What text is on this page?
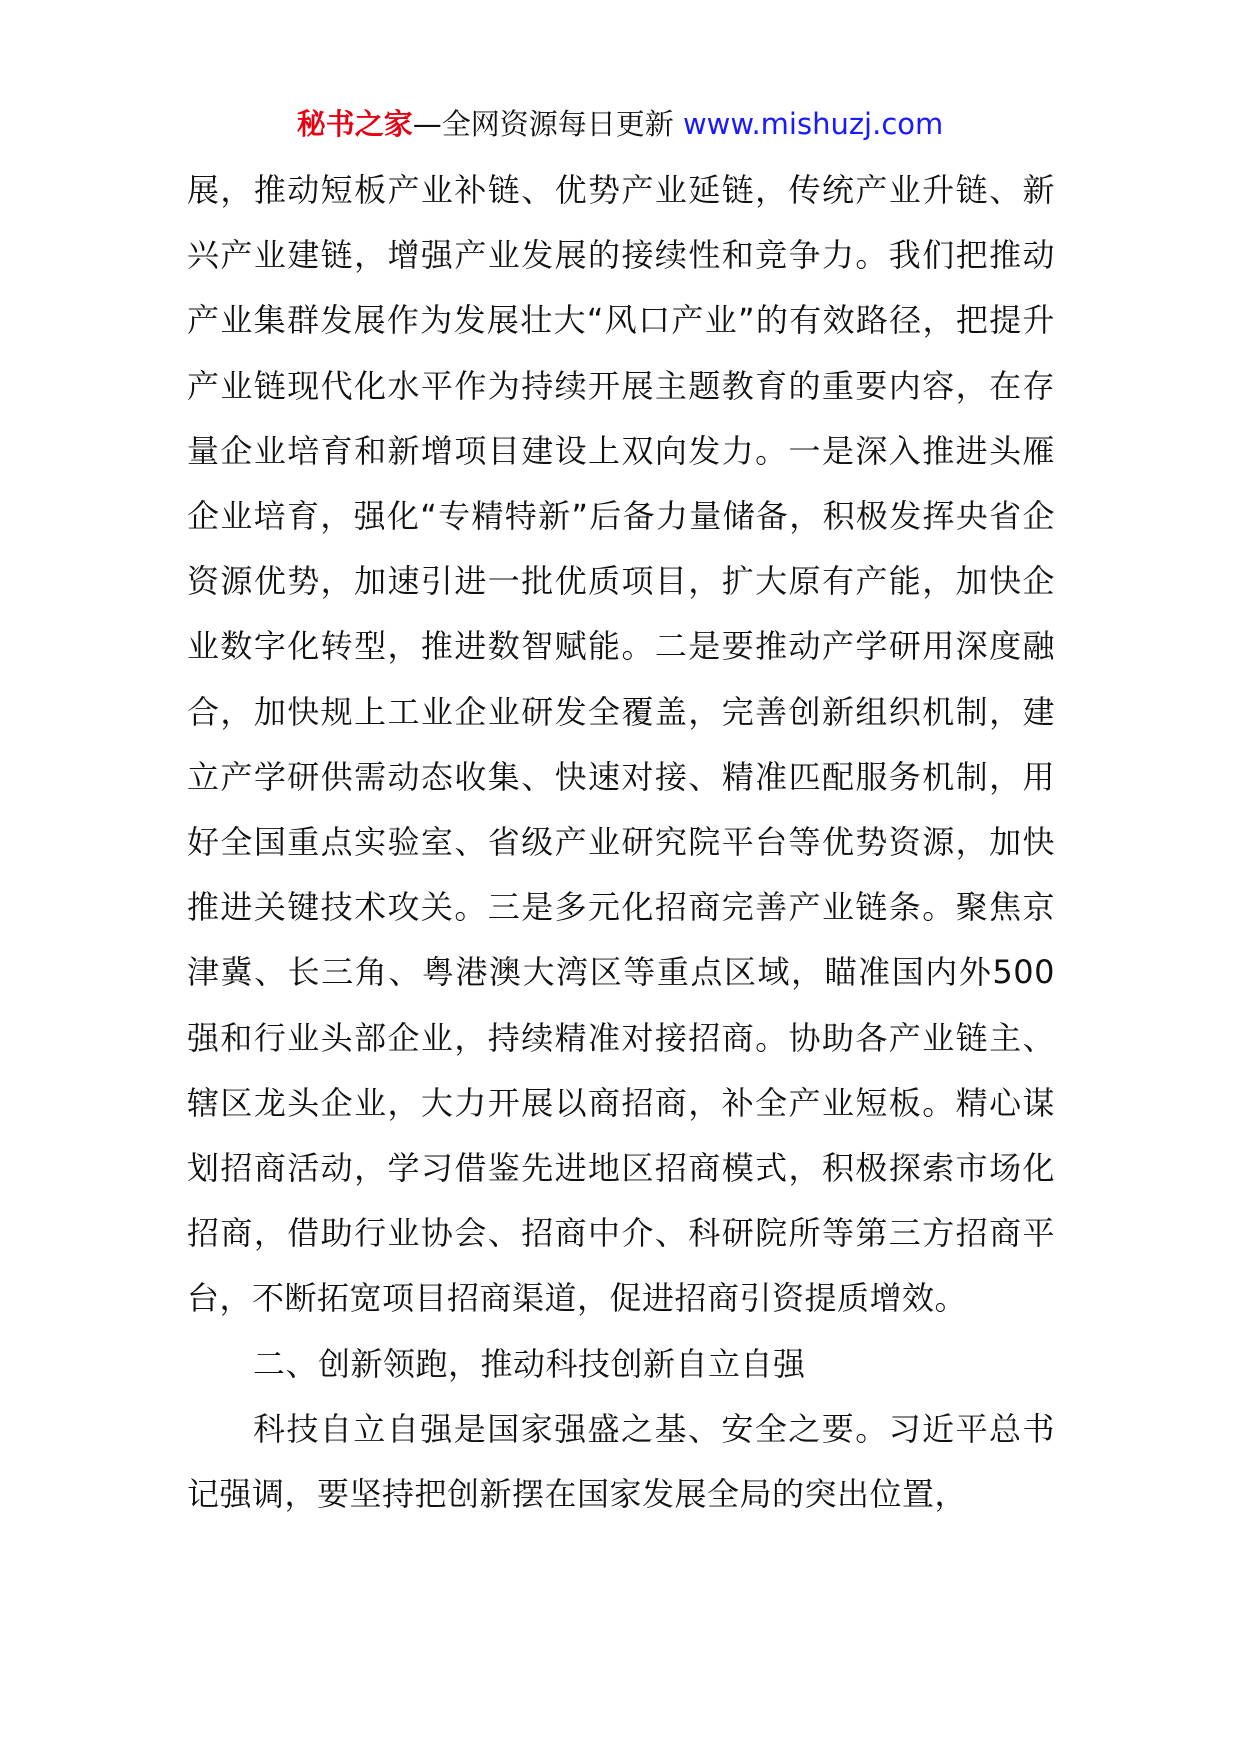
秘书之家—全网资源每日更新 www.mishuzj.com

展，推动短板产业补链、优势产业延链，传统产业升链、新兴产业建链，增强产业发展的接续性和竞争力。我们把推动产业集群发展作为发展壮大“风口产业”的有效路径，把提升产业链现代化水平作为持续开展主题教育的重要内容，在存量企业培育和新增项目建设上双向发力。一是深入推进头雁企业培育，强化“专精特新”后备力量储备，积极发挥央省企资源优势，加速引进一批优质项目，扩大原有产能，加快企业数字化转型，推进数智赋能。二是要推动产学研用深度融合，加快规上工业企业研发全覆盖，完善创新组织机制，建立产学研供需动态收集、快速对接、精准匹配服务机制，用好全国重点实验室、省级产业研究院平台等优势资源，加快推进关键技术攻关。三是多元化招商完善产业链条。聚焦京津冀、长三角、粤港澳大湾区等重点区域，瞄准国内外500强和行业头部企业，持续精准对接招商。协助各产业链主、辖区龙头企业，大力开展以商招商，补全产业短板。精心谋划招商活动，学习借鉴先进地区招商模式，积极探索市场化招商，借助行业协会、招商中介、科研院所等第三方招商平台，不断拓宽项目招商渠道，促进招商引资提质增效。

二、创新领跑，推动科技创新自立自强

科技自立自强是国家强盛之基、安全之要。习近平总书记强调，要坚持把创新摆在国家发展全局的突出位置，
